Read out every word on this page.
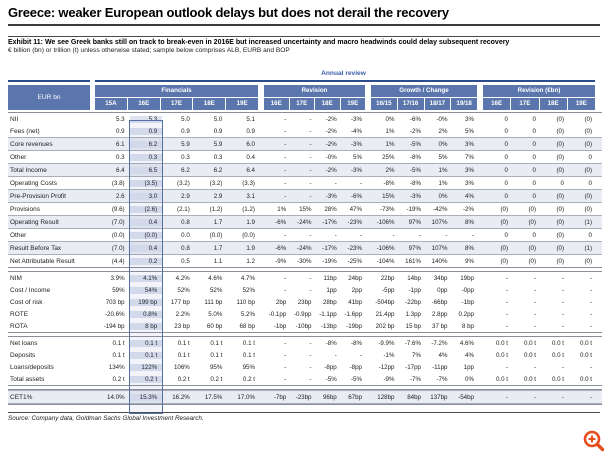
Greece: weaker European outlook delays but does not derail the recovery
Exhibit 11: We see Greek banks still on track to break-even in 2016E but increased uncertainty and macro headwinds could delay subsequent recovery
€ billion (bn) or trillion (t) unless otherwise stated; sample below comprises ALB, EURB and BOP
Annual review
EUR bn
Financials
15A	16E	17E	18E	19E
Revision
16E	17E	18E	19E
Growth / Change
16/15	17/16	18/17	19/18
Revision (€bn)
16E	17E	18E	19E
NII	5.3	5.3	5.0	5.0	5.1	-	-	-2%	-3%	0%	-6%	-0%	3%	0	0	(0)	(0)
Fees (net)	0.9	0.9	0.9	0.9	0.9	-	-	-2%	-4%	1%	-2%	2%	5%	0	0	(0)	(0)
Core revenues	6.1	6.2	5.9	5.9	6.0	-	-	-2%	-3%	1%	-5%	0%	3%	0	0	(0)	(0)
Other	0.3	0.3	0.3	0.3	0.4	-	-	-0%	5%	25%	-8%	5%	7%	0	0	(0)	0
Total Income	6.4	6.5	6.2	6.2	6.4	-	-	-2%	-3%	2%	-5%	1%	3%	0	0	(0)	(0)
Operating Costs	(3.8)	(3.5)	(3.2)	(3.2)	(3.3)	-	-	-	-	-8%	-8%	1%	3%	0	0	0	0
Pre-Provision Profit	2.6	3.0	2.9	2.9	3.1	-	-	-3%	-6%	15%	-3%	0%	4%	0	0	(0)	(0)
Provisions	(9.6)	(2.6)	(2.1)	(1.2)	(1.2)	1%	15%	28%	47%	-73%	-19%	-42%	-2%	(0)	(0)	(0)	(0)
Operating Result	(7.0)	0.4	0.8	1.7	1.9	-6%	-24%	-17%	-23%	-106%	97%	107%	8%	(0)	(0)	(0)	(1)
Other	(0.0)	(0.0)	0.0	(0.0)	(0.0)	-	-	-	-	-	-	-	-	0	0	(0)	0
Result Before Tax	(7.0)	0.4	0.8	1.7	1.9	-6%	-24%	-17%	-23%	-106%	97%	107%	8%	(0)	(0)	(0)	(1)
Net Attributable Result	(4.4)	0.2	0.5	1.1	1.2	-9%	-30%	-19%	-25%	-104%	161%	140%	9%	(0)	(0)	(0)	(0)
NIM	3.9%	4.1%	4.2%	4.6%	4.7%	-	-	11bp	24bp	22bp	14bp	34bp	19bp	-	-	-	-
Cost / Income	59%	54%	52%	52%	52%	-	-	1pp	2pp	-5pp	-1pp	0pp	-0pp	-	-	-	-
Cost of risk	703 bp	199 bp	177 bp	111 bp	110 bp	2bp	23bp	28bp	41bp	-504bp	-22bp	-66bp	-1bp	-	-	-	-
ROTE	-20.6%	0.8%	2.2%	5.0%	5.2%	-0.1pp	-0.9pp	-1.1pp	-1.6pp	21.4pp	1.3pp	2.8pp	0.2pp	-	-	-	-
ROTA	-194 bp	8 bp	23 bp	60 bp	68 bp	-1bp	-10bp	-13bp	-19bp	202 bp	15 bp	37 bp	8 bp	-	-	-	-
Net loans	0.1 t	0.1 t	0.1 t	0.1 t	0.1 t	-	-	-8%	-8%	-9.9%	-7.6%	-7.2%	4.6%	0.0 t	0.0 t	0.0 t	0.0 t
Deposits	0.1 t	0.1 t	0.1 t	0.1 t	0.1 t	-	-	-	-	-1%	7%	4%	4%	0.0 t	0.0 t	0.0 t	0.0 t
Loans/deposits	134%	122%	106%	95%	95%	-	-	-8pp	-8pp	-12pp	-17pp	-11pp	1pp	-	-	-	-
Total assets	0.2 t	0.2 t	0.2 t	0.2 t	0.2 t	-	-	-5%	-5%	-9%	-7%	-7%	0%	0.0 t	0.0 t	0.0 t	0.0 t
CET1%	14.0%	15.3%	16.2%	17.5%	17.0%	-7bp	-23bp	96bp	67bp	128bp	84bp	137bp	-54bp	-	-	-	-
Source: Company data, Goldman Sachs Global Investment Research.
